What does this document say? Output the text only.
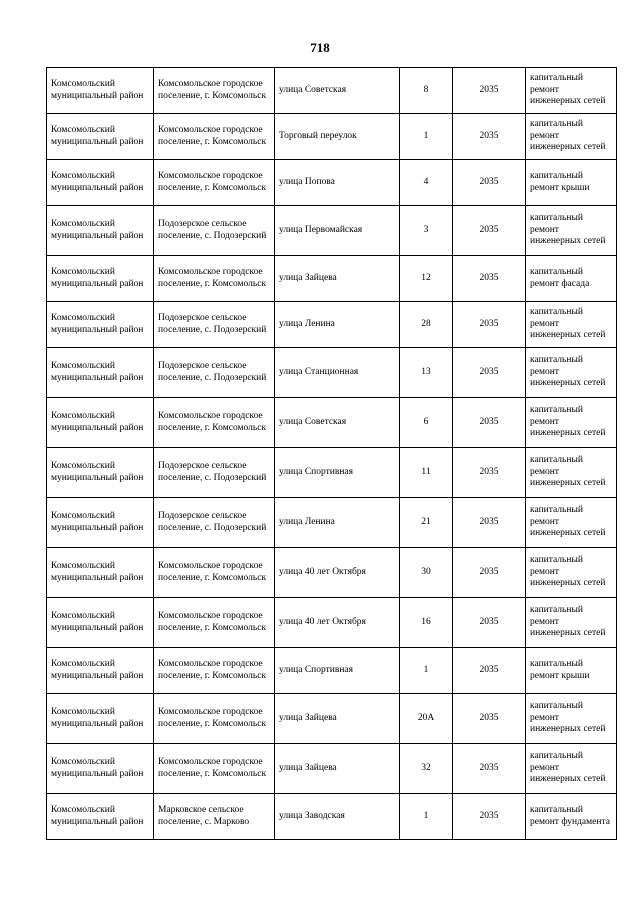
718
Комсомольский муниципальный район	Комсомольское городское поселение, г. Комсомольск	улица Советская	8	2035	капитальный ремонт инженерных сетей
Комсомольский муниципальный район	Комсомольское городское поселение, г. Комсомольск	Торговый переулок	1	2035	капитальный ремонт инженерных сетей
Комсомольский муниципальный район	Комсомольское городское поселение, г. Комсомольск	улица Попова	4	2035	капитальный ремонт крыши
Комсомольский муниципальный район	Подозерское сельское поселение, с. Подозерский	улица Первомайская	3	2035	капитальный ремонт инженерных сетей
Комсомольский муниципальный район	Комсомольское городское поселение, г. Комсомольск	улица Зайцева	12	2035	капитальный ремонт фасада
Комсомольский муниципальный район	Подозерское сельское поселение, с. Подозерский	улица Ленина	28	2035	капитальный ремонт инженерных сетей
Комсомольский муниципальный район	Подозерское сельское поселение, с. Подозерский	улица Станционная	13	2035	капитальный ремонт инженерных сетей
Комсомольский муниципальный район	Комсомольское городское поселение, г. Комсомольск	улица Советская	6	2035	капитальный ремонт инженерных сетей
Комсомольский муниципальный район	Подозерское сельское поселение, с. Подозерский	улица Спортивная	11	2035	капитальный ремонт инженерных сетей
Комсомольский муниципальный район	Подозерское сельское поселение, с. Подозерский	улица Ленина	21	2035	капитальный ремонт инженерных сетей
Комсомольский муниципальный район	Комсомольское городское поселение, г. Комсомольск	улица 40 лет Октября	30	2035	капитальный ремонт инженерных сетей
Комсомольский муниципальный район	Комсомольское городское поселение, г. Комсомольск	улица 40 лет Октября	16	2035	капитальный ремонт инженерных сетей
Комсомольский муниципальный район	Комсомольское городское поселение, г. Комсомольск	улица Спортивная	1	2035	капитальный ремонт крыши
Комсомольский муниципальный район	Комсомольское городское поселение, г. Комсомольск	улица Зайцева	20А	2035	капитальный ремонт инженерных сетей
Комсомольский муниципальный район	Комсомольское городское поселение, г. Комсомольск	улица Зайцева	32	2035	капитальный ремонт инженерных сетей
Комсомольский муниципальный район	Марковское сельское поселение, с. Марково	улица Заводская	1	2035	капитальный ремонт фундамента
